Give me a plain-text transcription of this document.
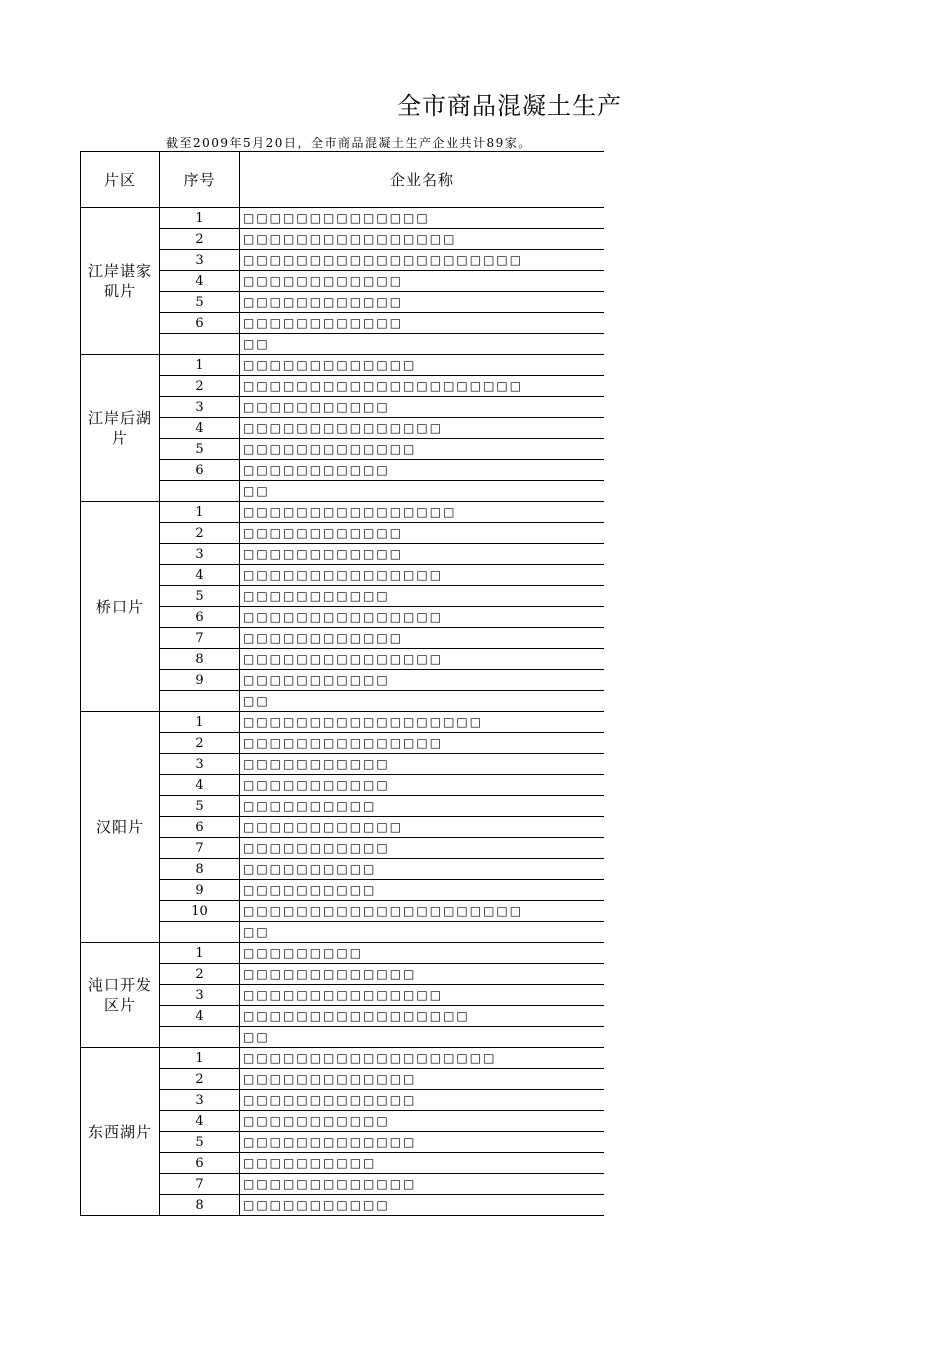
全市商品混凝土生产
截至2009年5月20日，全市商品混凝土生产企业共计89家。
片区	序号	企业名称
江岸谌家矶片	1	□□□□□□□□□□□□□□
	2	□□□□□□□□□□□□□□□□
	3	□□□□□□□□□□□□□□□□□□□□□
	4	□□□□□□□□□□□□
	5	□□□□□□□□□□□□
	6	□□□□□□□□□□□□
		□□
江岸后湖片	1	□□□□□□□□□□□□□
	2	□□□□□□□□□□□□□□□□□□□□□
	3	□□□□□□□□□□□
	4	□□□□□□□□□□□□□□□
	5	□□□□□□□□□□□□□
	6	□□□□□□□□□□□
		□□
桥口片	1	□□□□□□□□□□□□□□□□
	2	□□□□□□□□□□□□
	3	□□□□□□□□□□□□
	4	□□□□□□□□□□□□□□□
	5	□□□□□□□□□□□
	6	□□□□□□□□□□□□□□□
	7	□□□□□□□□□□□□
	8	□□□□□□□□□□□□□□□
	9	□□□□□□□□□□□
		□□
汉阳片	1	□□□□□□□□□□□□□□□□□□
	2	□□□□□□□□□□□□□□□
	3	□□□□□□□□□□□
	4	□□□□□□□□□□□
	5	□□□□□□□□□□
	6	□□□□□□□□□□□□
	7	□□□□□□□□□□□
	8	□□□□□□□□□□
	9	□□□□□□□□□□
	10	□□□□□□□□□□□□□□□□□□□□□
		□□
沌口开发区片	1	□□□□□□□□□
	2	□□□□□□□□□□□□□
	3	□□□□□□□□□□□□□□□
	4	□□□□□□□□□□□□□□□□□
		□□
东西湖片	1	□□□□□□□□□□□□□□□□□□□
	2	□□□□□□□□□□□□□
	3	□□□□□□□□□□□□□
	4	□□□□□□□□□□□
	5	□□□□□□□□□□□□□
	6	□□□□□□□□□□
	7	□□□□□□□□□□□□□
	8	□□□□□□□□□□□
